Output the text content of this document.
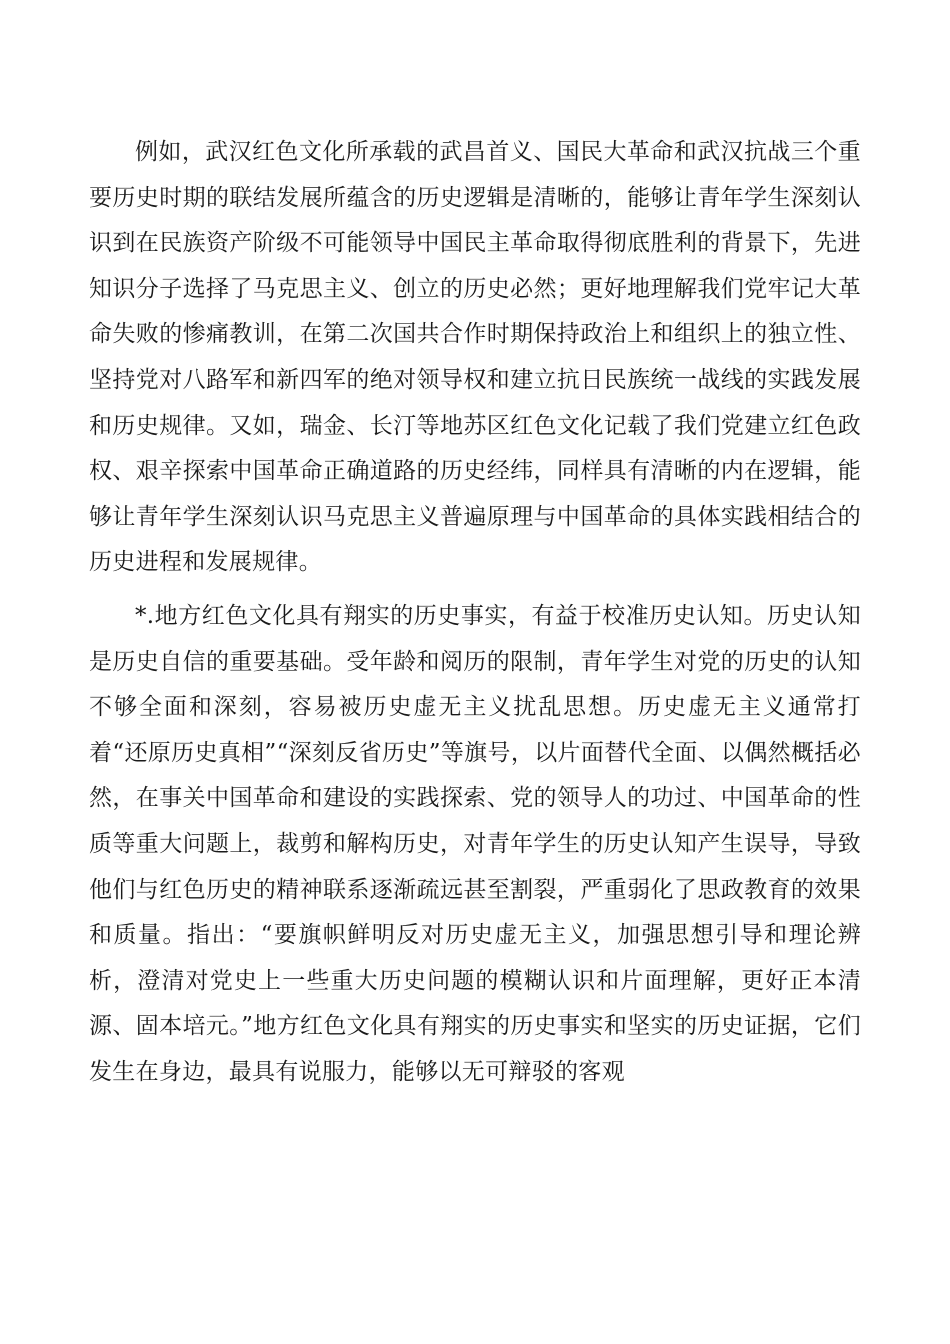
例如，武汉红色文化所承载的武昌首义、国民大革命和武汉抗战三个重要历史时期的联结发展所蕴含的历史逻辑是清晰的，能够让青年学生深刻认识到在民族资产阶级不可能领导中国民主革命取得彻底胜利的背景下，先进知识分子选择了马克思主义、创立的历史必然；更好地理解我们党牢记大革命失败的惨痛教训，在第二次国共合作时期保持政治上和组织上的独立性、坚持党对八路军和新四军的绝对领导权和建立抗日民族统一战线的实践发展和历史规律。又如，瑞金、长汀等地苏区红色文化记载了我们党建立红色政权、艰辛探索中国革命正确道路的历史经纬，同样具有清晰的内在逻辑，能够让青年学生深刻认识马克思主义普遍原理与中国革命的具体实践相结合的历史进程和发展规律。

*.地方红色文化具有翔实的历史事实，有益于校准历史认知。历史认知是历史自信的重要基础。受年龄和阅历的限制，青年学生对党的历史的认知不够全面和深刻，容易被历史虚无主义扰乱思想。历史虚无主义通常打着“还原历史真相”“深刻反省历史”等旗号，以片面替代全面、以偶然概括必然，在事关中国革命和建设的实践探索、党的领导人的功过、中国革命的性质等重大问题上，裁剪和解构历史，对青年学生的历史认知产生误导，导致他们与红色历史的精神联系逐渐疏远甚至割裂，严重弱化了思政教育的效果和质量。指出：“要旗帜鲜明反对历史虚无主义，加强思想引导和理论辨析，澄清对党史上一些重大历史问题的模糊认识和片面理解，更好正本清源、固本培元。”地方红色文化具有翔实的历史事实和坚实的历史证据，它们发生在身边，最具有说服力，能够以无可辩驳的客观
